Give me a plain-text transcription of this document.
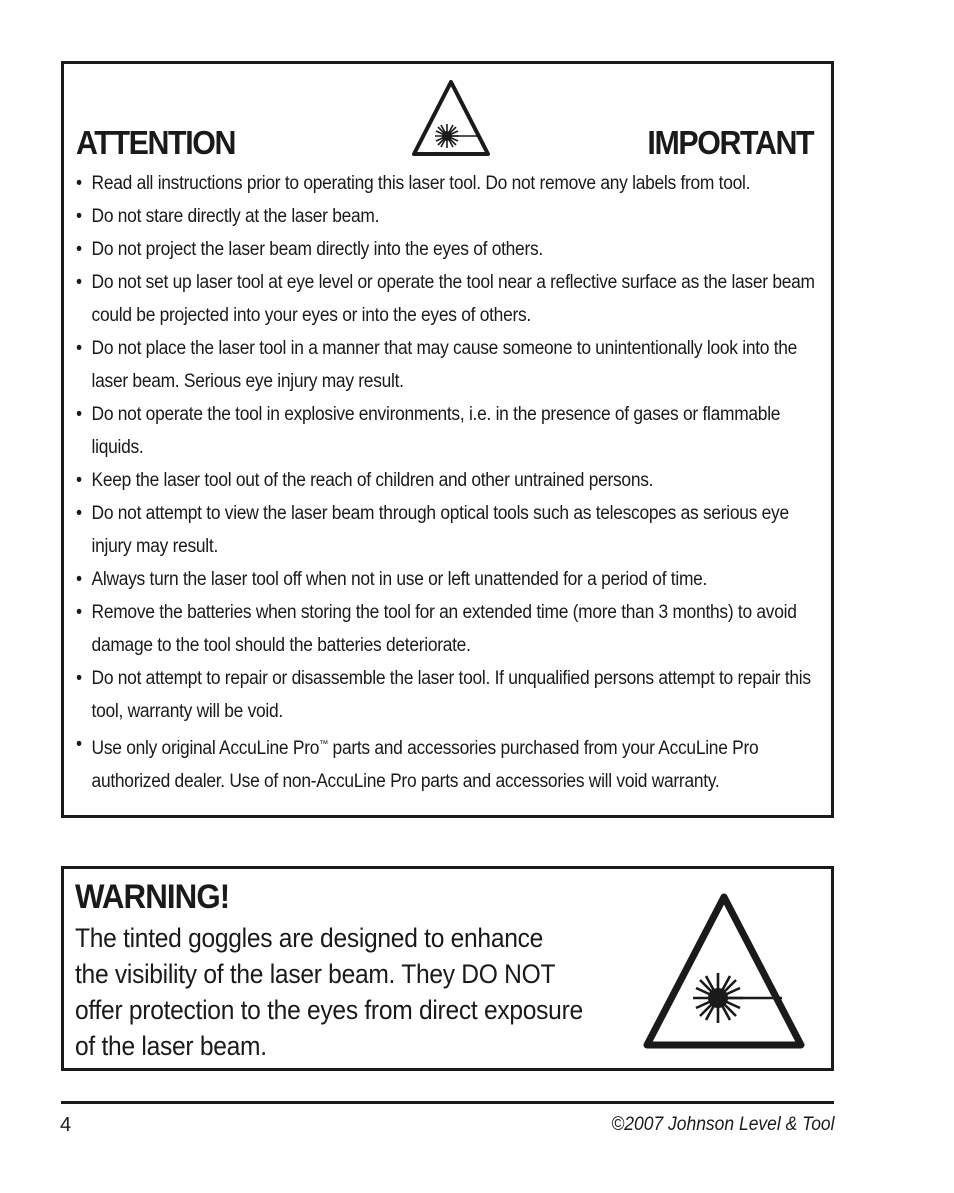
ATTENTION	IMPORTANT
• Read all instructions prior to operating this laser tool. Do not remove any labels from tool.
• Do not stare directly at the laser beam.
• Do not project the laser beam directly into the eyes of others.
• Do not set up laser tool at eye level or operate the tool near a reflective surface as the laser beam could be projected into your eyes or into the eyes of others.
• Do not place the laser tool in a manner that may cause someone to unintentionally look into the laser beam. Serious eye injury may result.
• Do not operate the tool in explosive environments, i.e. in the presence of gases or flammable liquids.
• Keep the laser tool out of the reach of children and other untrained persons.
• Do not attempt to view the laser beam through optical tools such as telescopes as serious eye injury may result.
• Always turn the laser tool off when not in use or left unattended for a period of time.
• Remove the batteries when storing the tool for an extended time (more than 3 months) to avoid damage to the tool should the batteries deteriorate.
• Do not attempt to repair or disassemble the laser tool. If unqualified persons attempt to repair this tool, warranty will be void.
• Use only original AccuLine Pro™ parts and accessories purchased from your AccuLine Pro authorized dealer. Use of non-AccuLine Pro parts and accessories will void warranty.
WARNING!
The tinted goggles are designed to enhance
the visibility of the laser beam. They DO NOT
offer protection to the eyes from direct exposure
of the laser beam.
4	©2007 Johnson Level & Tool
